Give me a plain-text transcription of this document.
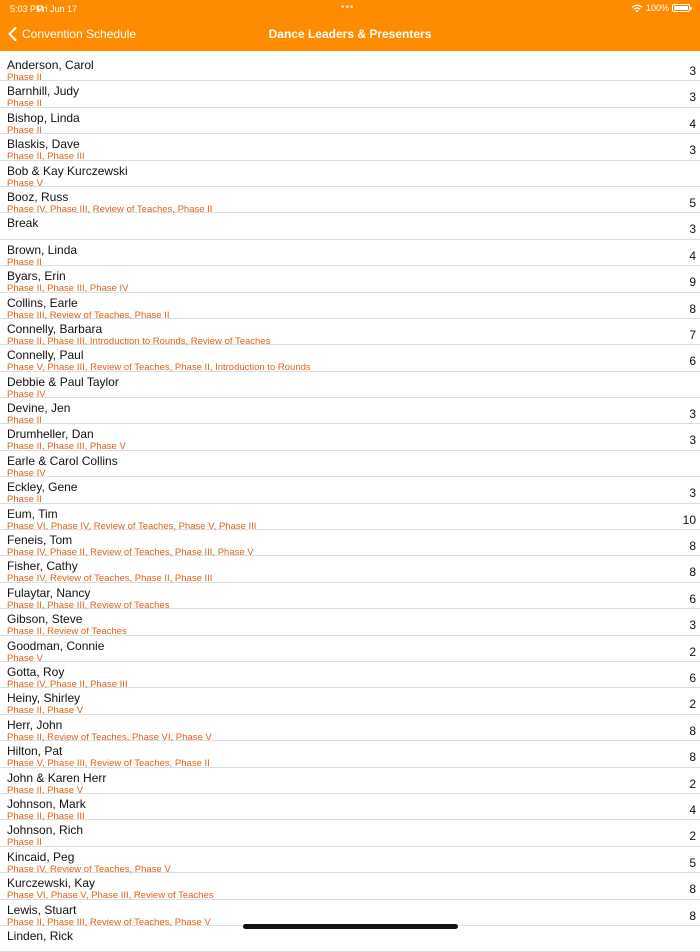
5:03 PM
Fri Jun 17	•••	100%
Convention Schedule	Dance Leaders & Presenters
Anderson, Carol
Phase II	3
Barnhill, Judy
Phase II	3
Bishop, Linda
Phase II	4
Blaskis, Dave
Phase II, Phase III	3
Bob & Kay Kurczewski
Phase V
Booz, Russ
Phase IV, Phase III, Review of Teaches, Phase II	5
Break	3
Brown, Linda
Phase II	4
Byars, Erin
Phase II, Phase III, Phase IV	9
Collins, Earle
Phase III, Review of Teaches, Phase II	8
Connelly, Barbara
Phase II, Phase III, Introduction to Rounds, Review of Teaches	7
Connelly, Paul
Phase V, Phase III, Review of Teaches, Phase II, Introduction to Rounds	6
Debbie & Paul Taylor
Phase IV
Devine, Jen
Phase II	3
Drumheller, Dan
Phase II, Phase III, Phase V	3
Earle & Carol Collins
Phase IV
Eckley, Gene
Phase II	3
Eum, Tim
Phase VI, Phase IV, Review of Teaches, Phase V, Phase III	10
Feneis, Tom
Phase IV, Phase II, Review of Teaches, Phase III, Phase V	8
Fisher, Cathy
Phase IV, Review of Teaches, Phase II, Phase III	8
Fulaytar, Nancy
Phase II, Phase III, Review of Teaches	6
Gibson, Steve
Phase II, Review of Teaches	3
Goodman, Connie
Phase V	2
Gotta, Roy
Phase IV, Phase II, Phase III	6
Heiny, Shirley
Phase II, Phase V	2
Herr, John
Phase II, Review of Teaches, Phase VI, Phase V	8
Hilton, Pat
Phase V, Phase III, Review of Teaches, Phase II	8
John & Karen Herr
Phase II, Phase V	2
Johnson, Mark
Phase II, Phase III	4
Johnson, Rich
Phase II	2
Kincaid, Peg
Phase IV, Review of Teaches, Phase V	5
Kurczewski, Kay
Phase VI, Phase V, Phase III, Review of Teaches	8
Lewis, Stuart
Phase II, Phase III, Review of Teaches, Phase V	8
Linden, Rick
